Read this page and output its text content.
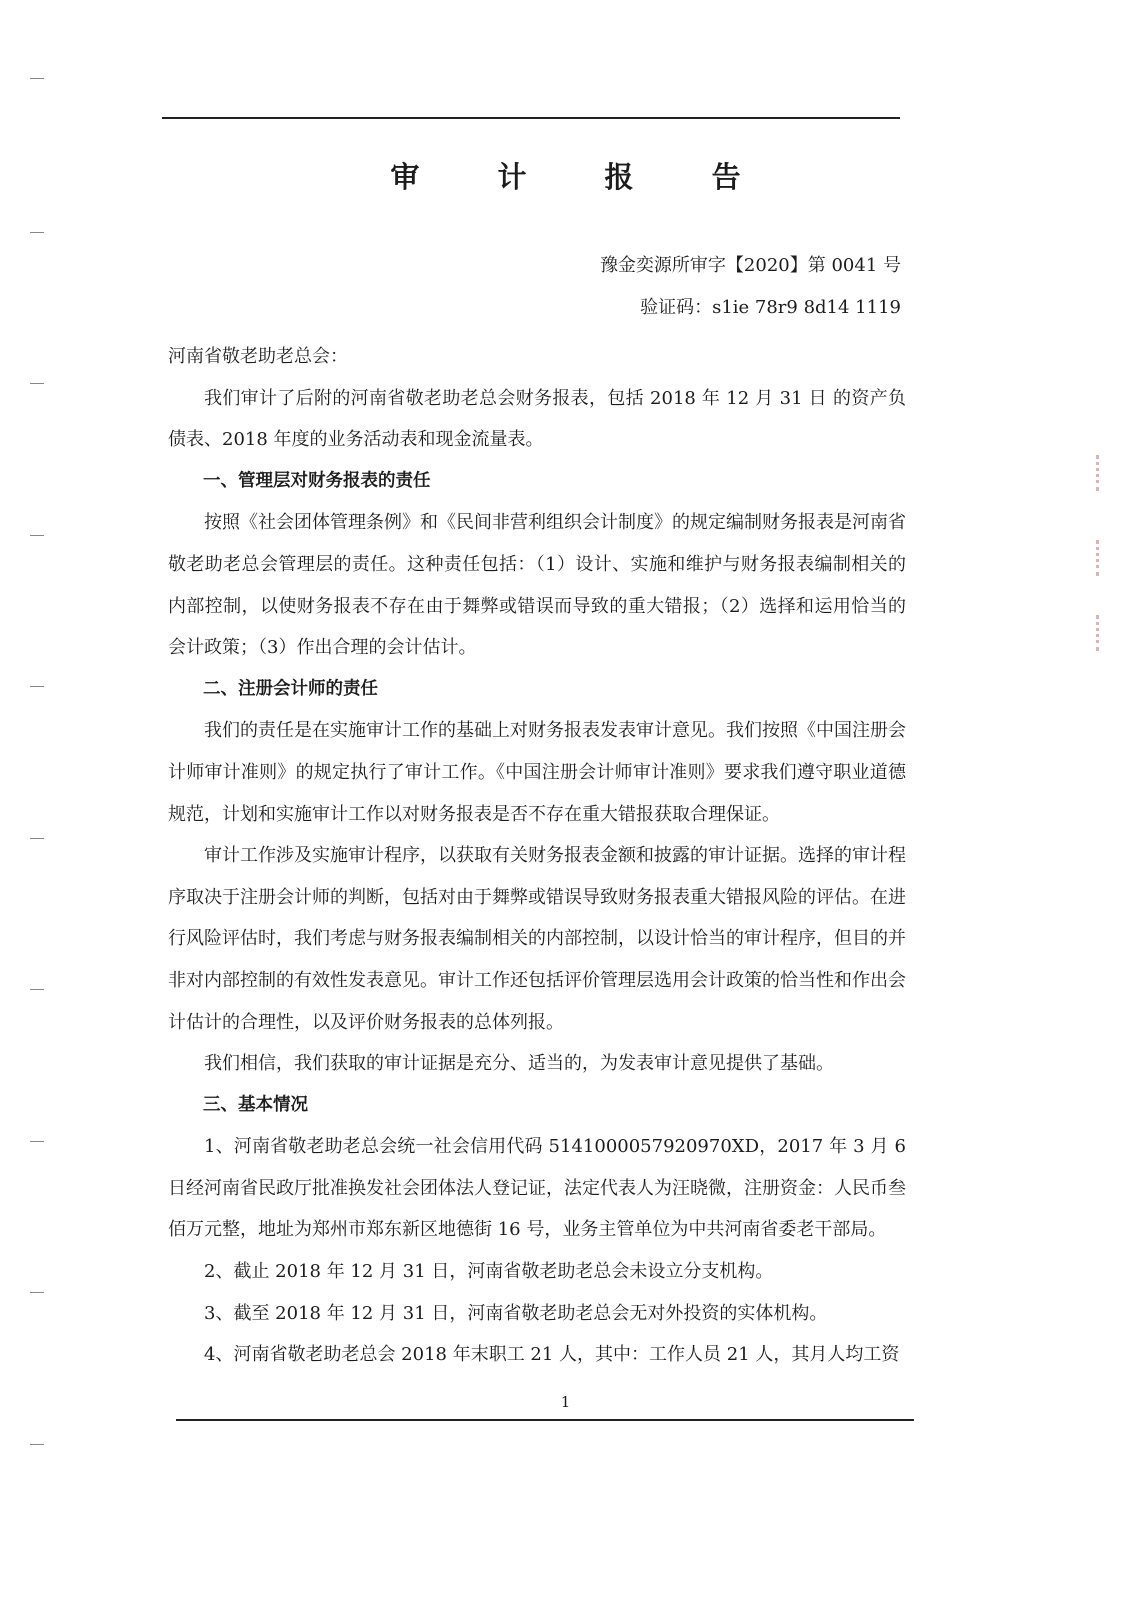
审 计 报 告
豫金奕源所审字【2020】第 0041 号
验证码：s1ie 78r9 8d14 1119

河南省敬老助老总会：

我们审计了后附的河南省敬老助老总会财务报表，包括 2018 年 12 月 31 日 的资产负债表、2018 年度的业务活动表和现金流量表。

一、管理层对财务报表的责任

按照《社会团体管理条例》和《民间非营利组织会计制度》的规定编制财务报表是河南省敬老助老总会管理层的责任。这种责任包括：（1）设计、实施和维护与财务报表编制相关的内部控制，以使财务报表不存在由于舞弊或错误而导致的重大错报；（2）选择和运用恰当的会计政策；（3）作出合理的会计估计。

二、注册会计师的责任

我们的责任是在实施审计工作的基础上对财务报表发表审计意见。我们按照《中国注册会计师审计准则》的规定执行了审计工作。《中国注册会计师审计准则》要求我们遵守职业道德规范，计划和实施审计工作以对财务报表是否不存在重大错报获取合理保证。

审计工作涉及实施审计程序，以获取有关财务报表金额和披露的审计证据。选择的审计程序取决于注册会计师的判断，包括对由于舞弊或错误导致财务报表重大错报风险的评估。在进行风险评估时，我们考虑与财务报表编制相关的内部控制，以设计恰当的审计程序，但目的并非对内部控制的有效性发表意见。审计工作还包括评价管理层选用会计政策的恰当性和作出会计估计的合理性，以及评价财务报表的总体列报。

我们相信，我们获取的审计证据是充分、适当的，为发表审计意见提供了基础。

三、基本情况

1、河南省敬老助老总会统一社会信用代码 5141000057920970XD，2017 年 3 月 6 日经河南省民政厅批准换发社会团体法人登记证，法定代表人为汪晓微，注册资金：人民币叁佰万元整，地址为郑州市郑东新区地德街 16 号，业务主管单位为中共河南省委老干部局。

2、截止 2018 年 12 月 31 日，河南省敬老助老总会未设立分支机构。

3、截至 2018 年 12 月 31 日，河南省敬老助老总会无对外投资的实体机构。

4、河南省敬老助老总会 2018 年末职工 21 人，其中：工作人员 21 人，其月人均工资

1
